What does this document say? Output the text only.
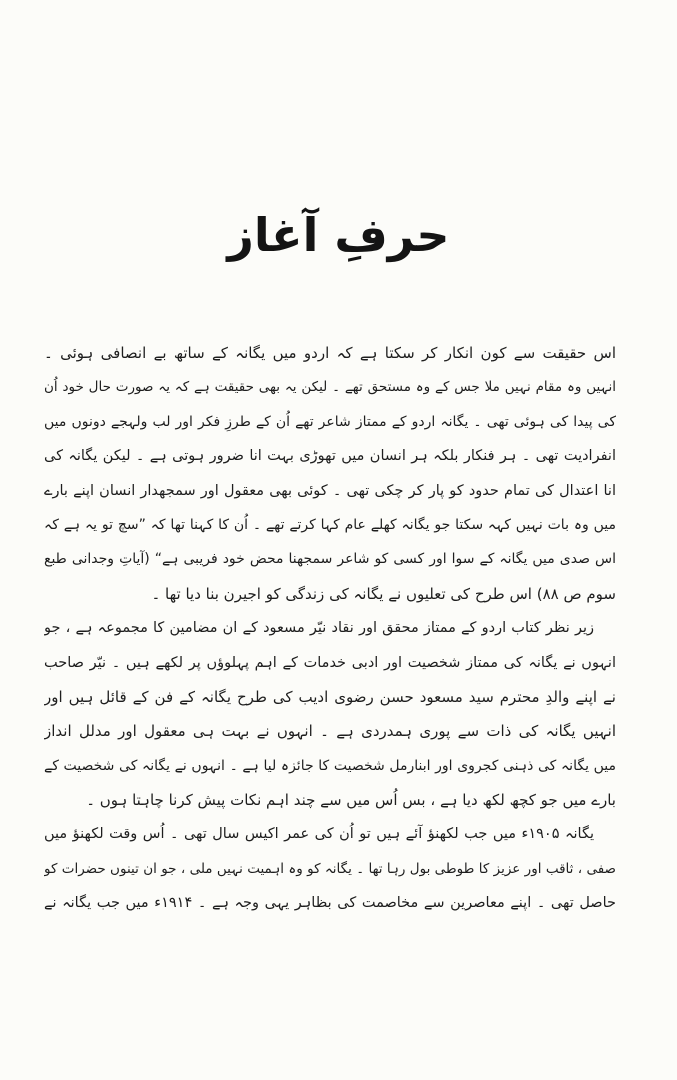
حرفِ آغاز
اس حقیقت سے کون انکار کر سکتا ہے کہ اردو میں یگانہ کے ساتھ بے انصافی ہوئی ۔
انہیں وہ مقام نہیں ملا جس کے وہ مستحق تھے ۔ لیکن یہ بھی حقیقت ہے کہ یہ صورت حال خود اُن
کی پیدا کی ہوئی تھی ۔ یگانہ اردو کے ممتاز شاعر تھے اُن کے طرزِ فکر اور لب ولہجے دونوں میں
انفرادیت تھی ۔ ہر فنکار بلکہ ہر انسان میں تھوڑی بہت انا ضرور ہوتی ہے ۔ لیکن یگانہ کی
انا اعتدال کی تمام حدود کو پار کر چکی تھی ۔ کوئی بھی معقول اور سمجھدار انسان اپنے بارے
میں وہ بات نہیں کہہ سکتا جو یگانہ کھلے عام کہا کرتے تھے ۔ اُن کا کہنا تھا کہ ”سچ تو یہ ہے کہ
اس صدی میں یگانہ کے سوا اور کسی کو شاعر سمجھنا محض خود فریبی ہے“ (آیاتِ وجدانی طبع
سوم ص ۸۸) اس طرح کی تعلیوں نے یگانہ کی زندگی کو اجیرن بنا دیا تھا ۔
زیر نظر کتاب اردو کے ممتاز محقق اور نقاد نیّر مسعود کے ان مضامین کا مجموعہ ہے ، جو
انہوں نے یگانہ کی ممتاز شخصیت اور ادبی خدمات کے اہم پہلوؤں پر لکھے ہیں ۔ نیّر صاحب
نے اپنے والدِ محترم سید مسعود حسن رضوی ادیب کی طرح یگانہ کے فن کے قائل ہیں اور
انہیں یگانہ کی ذات سے پوری ہمدردی ہے ۔ انہوں نے بہت ہی معقول اور مدلل انداز
میں یگانہ کی ذہنی کجروی اور ابنارمل شخصیت کا جائزہ لیا ہے ۔ انہوں نے یگانہ کی شخصیت کے
بارے میں جو کچھ لکھ دیا ہے ، بس اُس میں سے چند اہم نکات پیش کرنا چاہتا ہوں ۔
یگانہ ۱۹۰۵ء میں جب لکھنؤ آئے ہیں تو اُن کی عمر اکیس سال تھی ۔ اُس وقت لکھنؤ میں
صفی ، ثاقب اور عزیز کا طوطی بول رہا تھا ۔ یگانہ کو وہ اہمیت نہیں ملی ، جو ان تینوں حضرات کو
حاصل تھی ۔ اپنے معاصرین سے مخاصمت کی بظاہر یہی وجہ ہے ۔ ۱۹۱۴ء میں جب یگانہ نے
